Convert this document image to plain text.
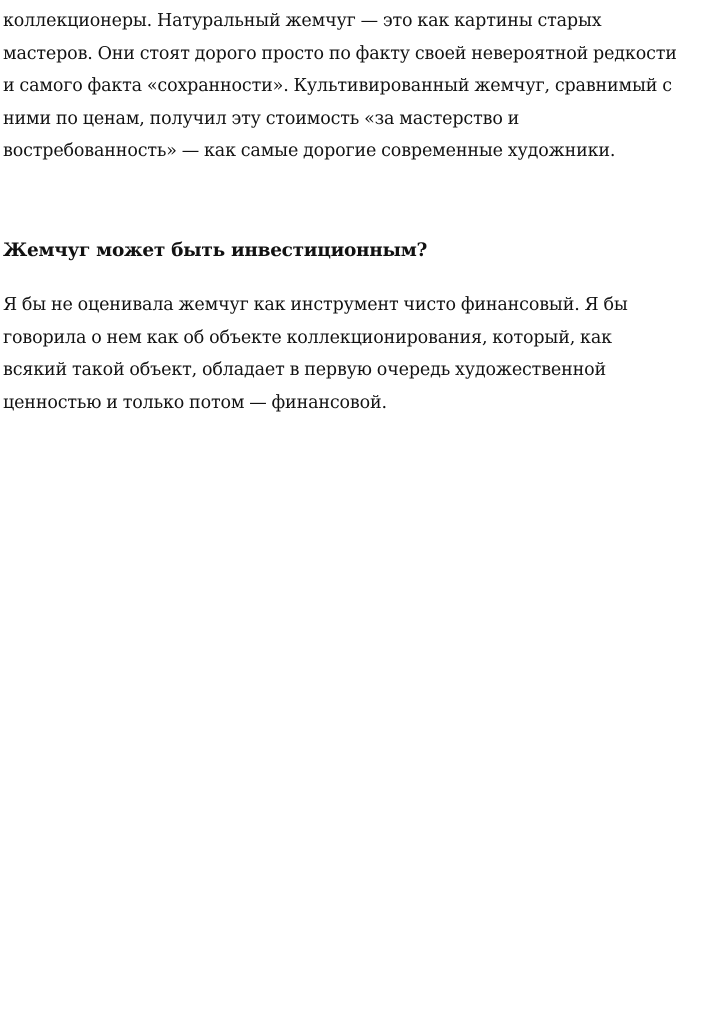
коллекционеры. Натуральный жемчуг — это как картины старых
мастеров. Они стоят дорого просто по факту своей невероятной редкости
и самого факта «сохранности». Культивированный жемчуг, сравнимый с
ними по ценам, получил эту стоимость «за мастерство и
востребованность» — как самые дорогие современные художники.

Жемчуг может быть инвестиционным?

Я бы не оценивала жемчуг как инструмент чисто финансовый. Я бы
говорила о нем как об объекте коллекционирования, который, как
всякий такой объект, обладает в первую очередь художественной
ценностью и только потом — финансовой.
